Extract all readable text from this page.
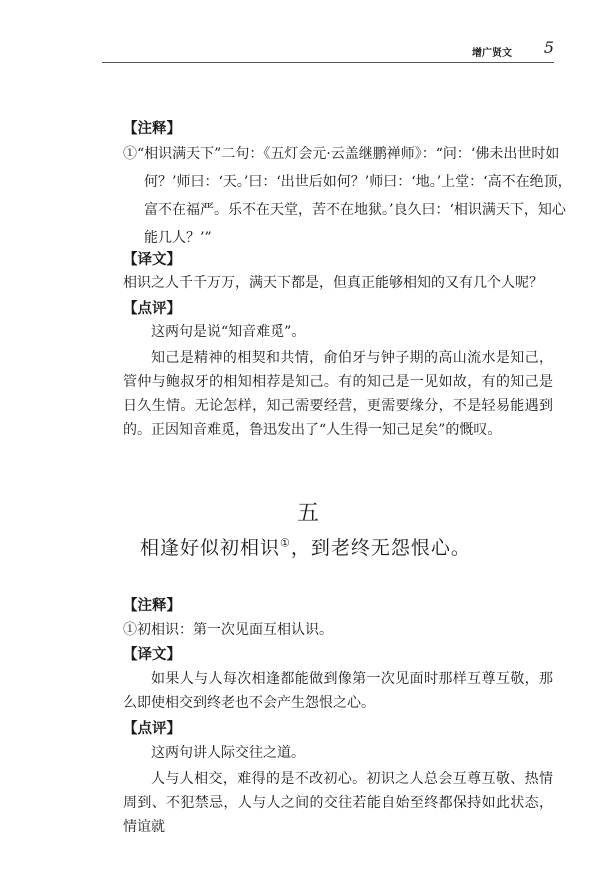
增广贤文 5
【注释】
①“相识满天下”二句：《五灯会元·云盖继鹏禅师》：“问：‘佛未出世时如何？’师曰：‘天。’曰：‘出世后如何？’师曰：‘地。’上堂：‘高不在绝顶，富不在福严。乐不在天堂，苦不在地狱。’良久曰：‘相识满天下，知心能几人？’”
【译文】
相识之人千千万万，满天下都是，但真正能够相知的又有几个人呢？
【点评】
这两句是说“知音难觅”。
知己是精神的相契和共情，俞伯牙与钟子期的高山流水是知己，管仲与鲍叔牙的相知相荐是知己。有的知己是一见如故，有的知己是日久生情。无论怎样，知己需要经营，更需要缘分，不是轻易能遇到的。正因知音难觅，鲁迅发出了“人生得一知己足矣”的慨叹。
五
相逢好似初相识①，到老终无怨恨心。
【注释】
①初相识：第一次见面互相认识。
【译文】
如果人与人每次相逢都能做到像第一次见面时那样互尊互敬，那么即使相交到终老也不会产生怨恨之心。
【点评】
这两句讲人际交往之道。
人与人相交，难得的是不改初心。初识之人总会互尊互敬、热情周到、不犯禁忌，人与人之间的交往若能自始至终都保持如此状态，情谊就
